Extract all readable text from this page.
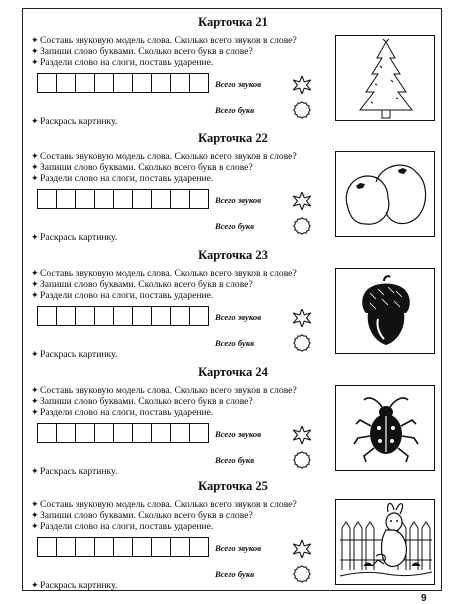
Карточка 21
✦Составь звуковую модель слова. Сколько всего звуков в слове?
✦Запиши слово буквами. Сколько всего букв в слове?
✦Раздели слово на слоги, поставь ударение.
Всего звуков
Всего букв
✦Раскрась картинку.
Карточка 22
✦Составь звуковую модель слова. Сколько всего звуков в слове?
✦Запиши слово буквами. Сколько всего букв в слове?
✦Раздели слово на слоги, поставь ударение.
Всего звуков
Всего букв
✦Раскрась картинку.
Карточка 23
✦Составь звуковую модель слова. Сколько всего звуков в слове?
✦Запиши слово буквами. Сколько всего букв в слове?
✦Раздели слово на слоги, поставь ударение.
Всего звуков
Всего букв
✦Раскрась картинку.
Карточка 24
✦Составь звуковую модель слова. Сколько всего звуков в слове?
✦Запиши слово буквами. Сколько всего букв в слове?
✦Раздели слово на слоги, поставь ударение.
Всего звуков
Всего букв
✦Раскрась картинку.
Карточка 25
✦Составь звуковую модель слова. Сколько всего звуков в слове?
✦Запиши слово буквами. Сколько всего букв в слове?
✦Раздели слово на слоги, поставь ударение.
Всего звуков
Всего букв
✦Раскрась картинку.
9
